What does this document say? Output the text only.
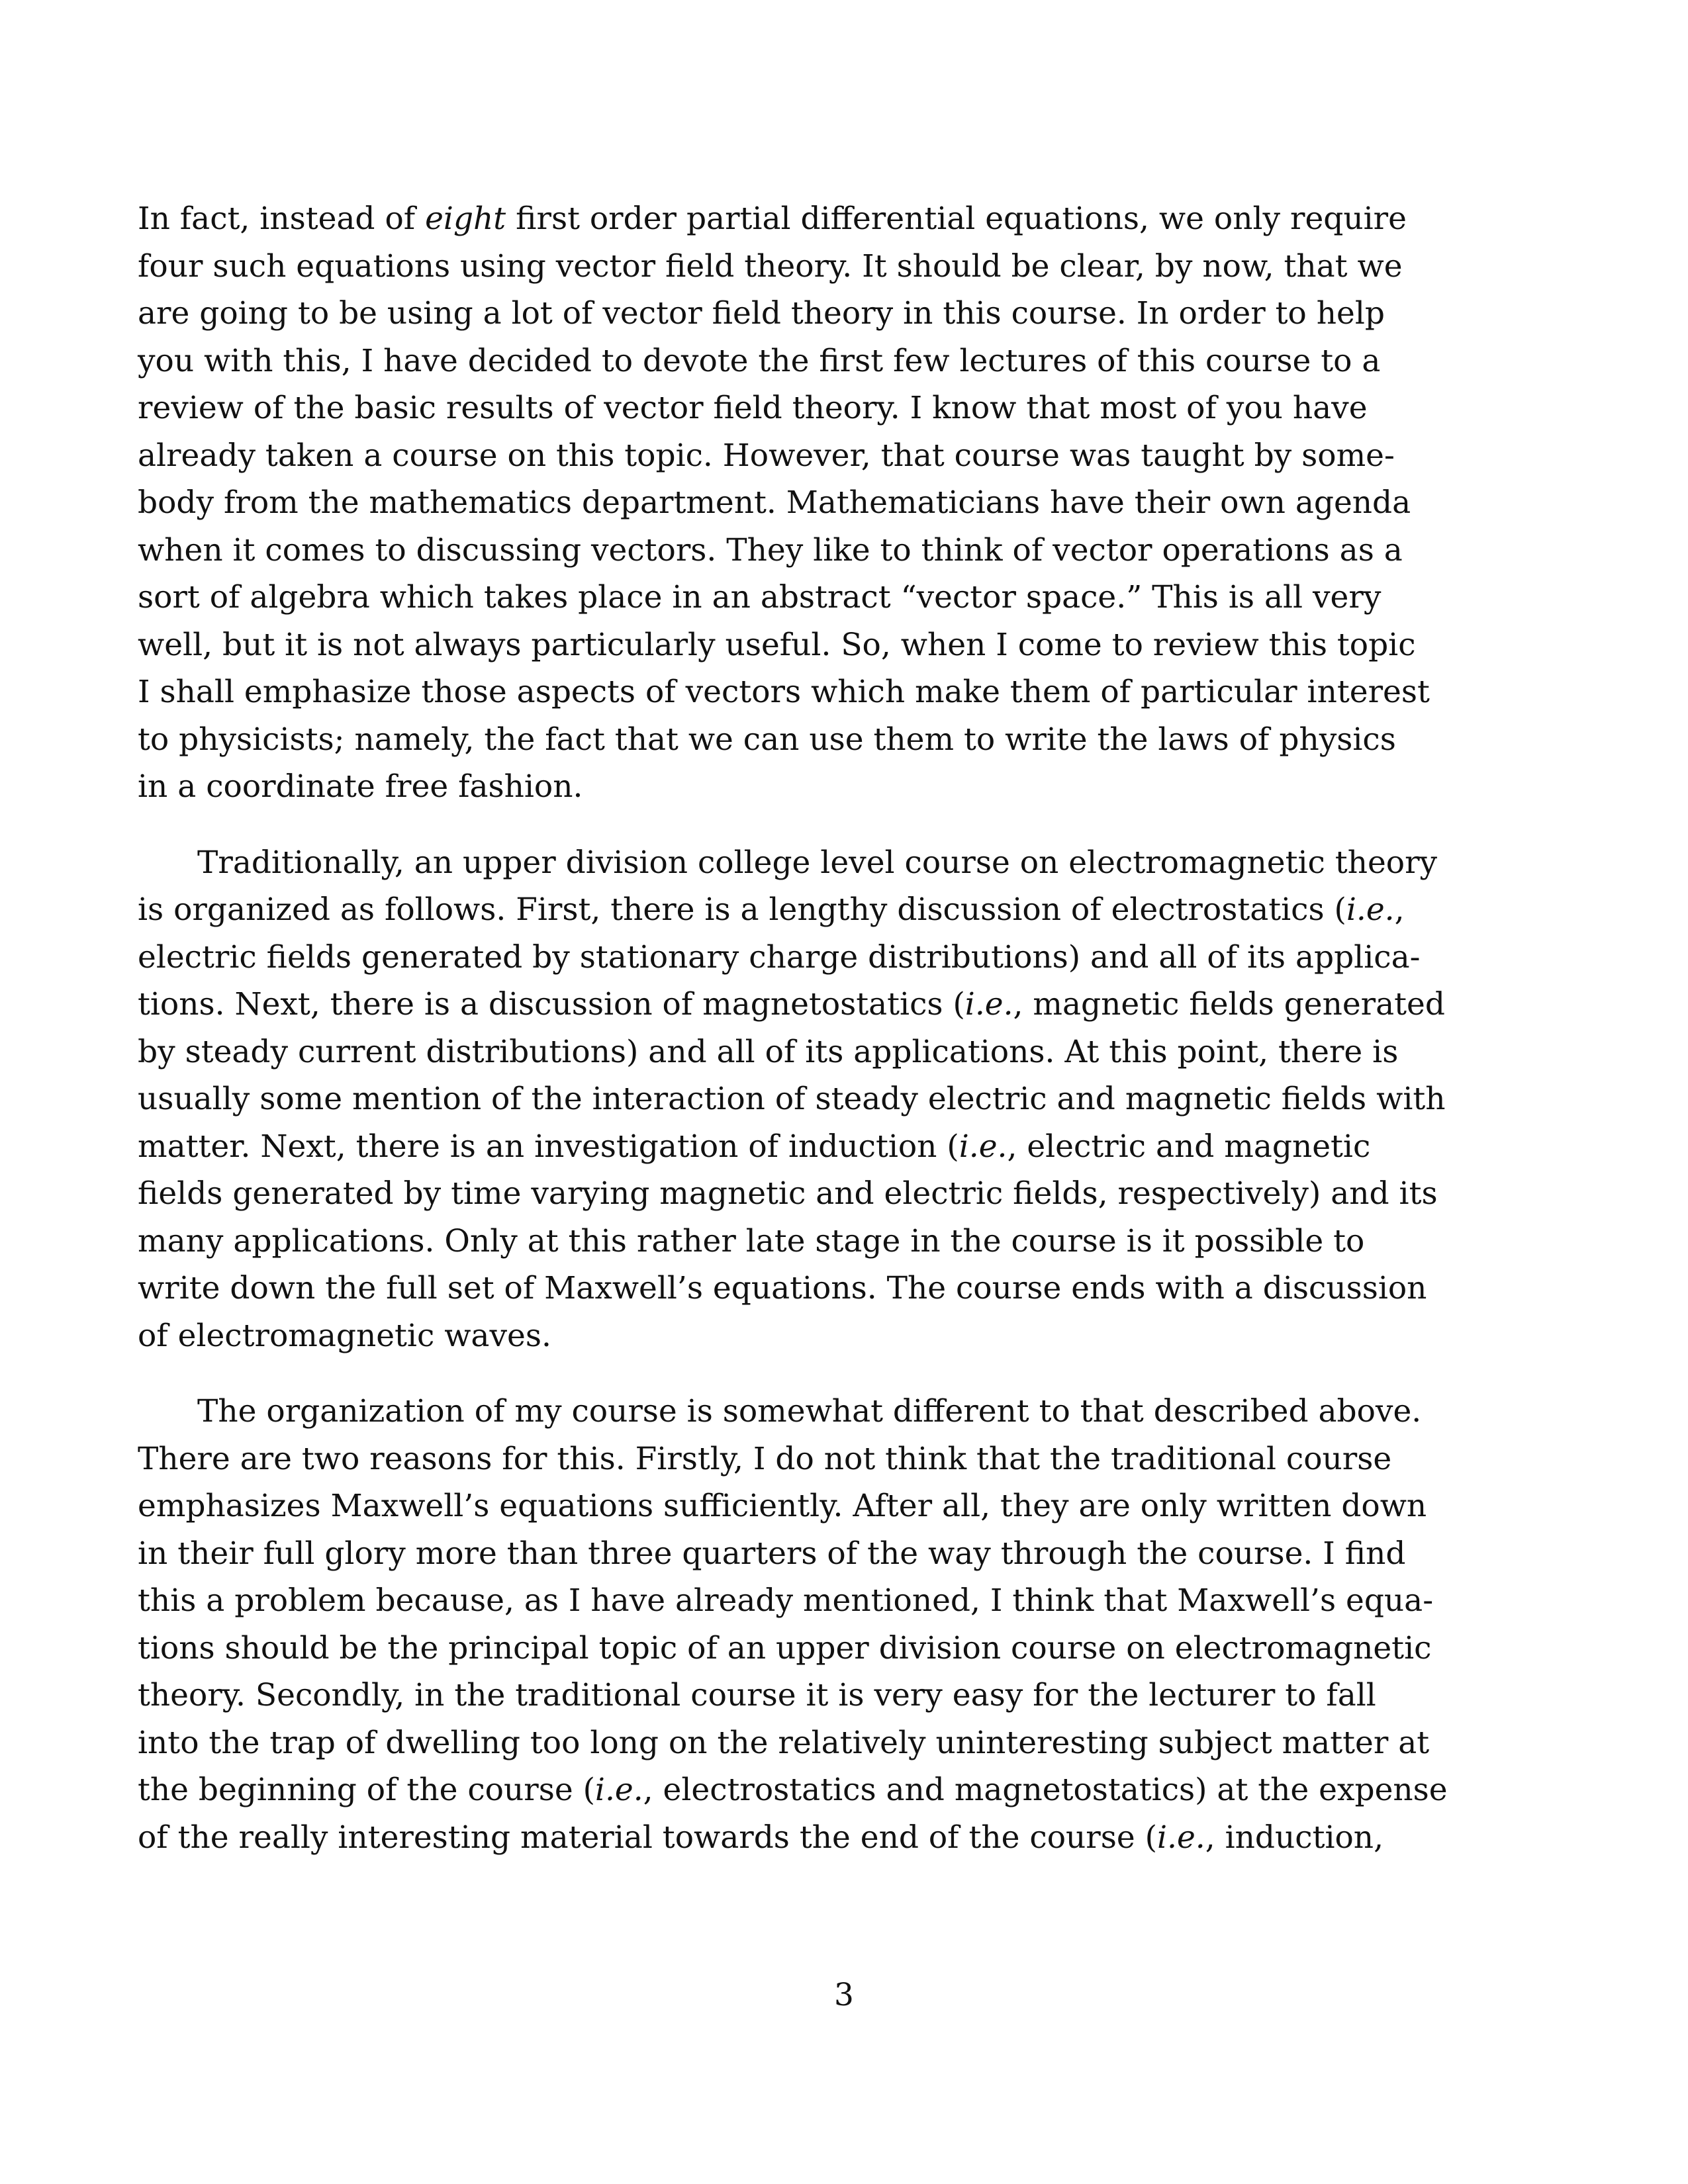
In fact, instead of eight first order partial differential equations, we only require
four such equations using vector field theory. It should be clear, by now, that we
are going to be using a lot of vector field theory in this course. In order to help
you with this, I have decided to devote the first few lectures of this course to a
review of the basic results of vector field theory. I know that most of you have
already taken a course on this topic. However, that course was taught by some-
body from the mathematics department. Mathematicians have their own agenda
when it comes to discussing vectors. They like to think of vector operations as a
sort of algebra which takes place in an abstract “vector space.” This is all very
well, but it is not always particularly useful. So, when I come to review this topic
I shall emphasize those aspects of vectors which make them of particular interest
to physicists; namely, the fact that we can use them to write the laws of physics
in a coordinate free fashion.
Traditionally, an upper division college level course on electromagnetic theory
is organized as follows. First, there is a lengthy discussion of electrostatics (i.e.,
electric fields generated by stationary charge distributions) and all of its applica-
tions. Next, there is a discussion of magnetostatics (i.e., magnetic fields generated
by steady current distributions) and all of its applications. At this point, there is
usually some mention of the interaction of steady electric and magnetic fields with
matter. Next, there is an investigation of induction (i.e., electric and magnetic
fields generated by time varying magnetic and electric fields, respectively) and its
many applications. Only at this rather late stage in the course is it possible to
write down the full set of Maxwell’s equations. The course ends with a discussion
of electromagnetic waves.
The organization of my course is somewhat different to that described above.
There are two reasons for this. Firstly, I do not think that the traditional course
emphasizes Maxwell’s equations sufficiently. After all, they are only written down
in their full glory more than three quarters of the way through the course. I find
this a problem because, as I have already mentioned, I think that Maxwell’s equa-
tions should be the principal topic of an upper division course on electromagnetic
theory. Secondly, in the traditional course it is very easy for the lecturer to fall
into the trap of dwelling too long on the relatively uninteresting subject matter at
the beginning of the course (i.e., electrostatics and magnetostatics) at the expense
of the really interesting material towards the end of the course (i.e., induction,
3
